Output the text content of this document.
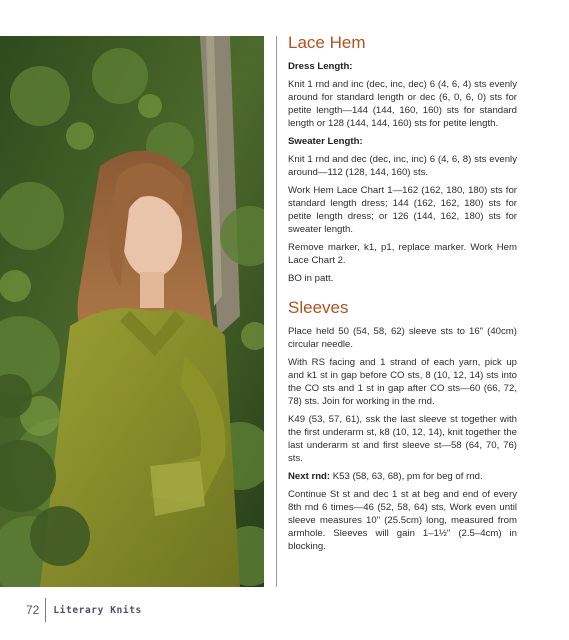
Lace Hem
Dress Length:

Knit 1 rnd and inc (dec, inc, dec) 6 (4, 6, 4) sts evenly around for standard length or dec (6, 0, 6, 0) sts for petite length—144 (144, 160, 160) sts for standard length or 128 (144, 144, 160) sts for petite length.

Sweater Length:

Knit 1 rnd and dec (dec, inc, inc) 6 (4, 6, 8) sts evenly around—112 (128, 144, 160) sts.

Work Hem Lace Chart 1—162 (162, 180, 180) sts for standard length dress; 144 (162, 162, 180) sts for petite length dress; or 126 (144, 162, 180) sts for sweater length.

Remove marker, k1, p1, replace marker. Work Hem Lace Chart 2.

BO in patt.

Sleeves

Place held 50 (54, 58, 62) sleeve sts to 16" (40cm) circular needle.

With RS facing and 1 strand of each yarn, pick up and k1 st in gap before CO sts, 8 (10, 12, 14) sts into the CO sts and 1 st in gap after CO sts—60 (66, 72, 78) sts. Join for working in the rnd.

K49 (53, 57, 61), ssk the last sleeve st together with the first underarm st, k8 (10, 12, 14), knit together the last underarm st and first sleeve st—58 (64, 70, 76) sts.

Next rnd: K53 (58, 63, 68), pm for beg of rnd.

Continue St st and dec 1 st at beg and end of every 8th rnd 6 times—46 (52, 58, 64) sts, Work even until sleeve measures 10" (25.5cm) long, measured from armhole. Sleeves will gain 1–1½" (2.5–4cm) in blocking.

72 Literary Knits
